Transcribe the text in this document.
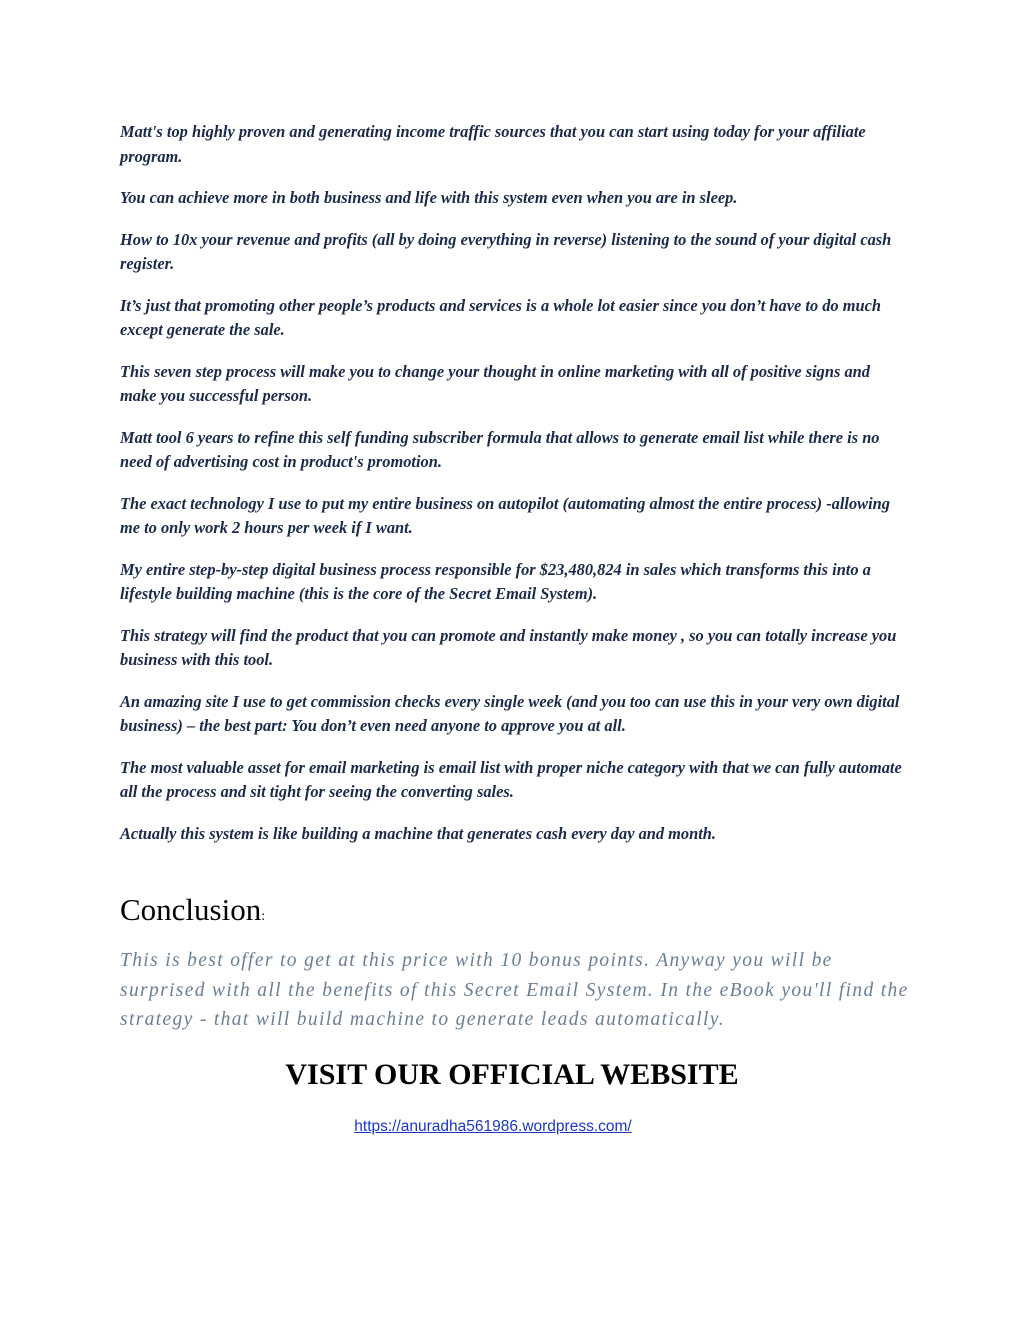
Matt's top highly proven and generating income traffic sources that you can start using today for your affiliate program.

You can achieve more in both business and life with this system even when you are in sleep.

How to 10x your revenue and profits (all by doing everything in reverse) listening to the sound of your digital cash register.

It’s just that promoting other people’s products and services is a whole lot easier since you don’t have to do much except generate the sale.

This seven step process will make you to change your thought in online marketing with all of positive signs and make you successful person.

Matt tool 6 years to refine this self funding subscriber formula that allows to generate email list while there is no need of advertising cost in product's promotion.

The exact technology I use to put my entire business on autopilot (automating almost the entire process) -allowing me to only work 2 hours per week if I want.

My entire step-by-step digital business process responsible for $23,480,824 in sales which transforms this into a lifestyle building machine (this is the core of the Secret Email System).

This strategy will find the product that you can promote and instantly make money , so you can totally increase you business with this tool.

An amazing site I use to get commission checks every single week (and you too can use this in your very own digital business) – the best part: You don’t even need anyone to approve you at all.

The most valuable asset for email marketing is email list with proper niche category with that we can fully automate all the process and sit tight for seeing the converting sales.

Actually this system is like building a machine that generates cash every day and month.

Conclusion:

This is best offer to get at this price with 10 bonus points. Anyway you will be surprised with all the benefits of this Secret Email System. In the eBook you'll find the strategy - that will build machine to generate leads automatically.

VISIT OUR OFFICIAL WEBSITE
https://anuradha561986.wordpress.com/
